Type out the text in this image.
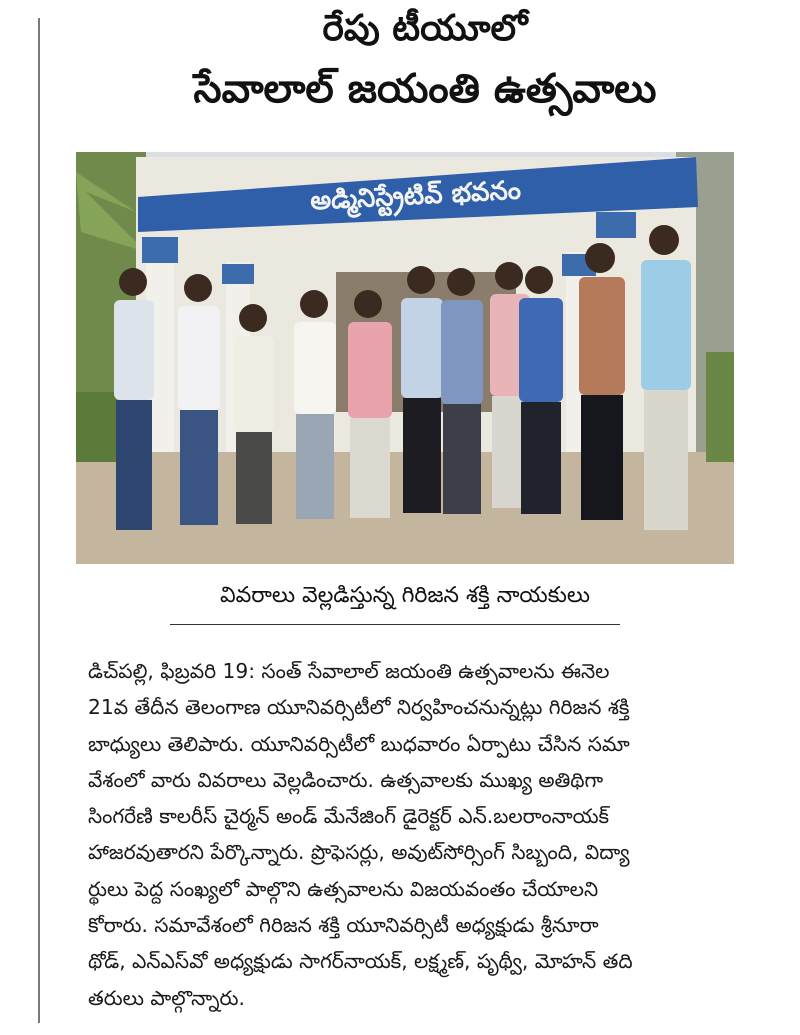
రేపు టీయూలో
సేవాలాల్ జయంతి ఉత్సవాలు
అడ్మినిస్ట్రేటివ్ భవనం
వివరాలు వెల్లడిస్తున్న గిరిజన శక్తి నాయకులు
డిచ్‌పల్లి, ఫిబ్రవరి 19: సంత్ సేవాలాల్ జయంతి ఉత్సవాలను ఈనెల
21వ తేదీన తెలంగాణ యూనివర్సిటీలో నిర్వహించనున్నట్లు గిరిజన శక్తి
బాధ్యులు తెలిపారు. యూనివర్సిటీలో బుధవారం ఏర్పాటు చేసిన సమా
వేశంలో వారు వివరాలు వెల్లడించారు. ఉత్సవాలకు ముఖ్య అతిథిగా
సింగరేణి కాలరీస్ చైర్మన్ అండ్ మేనేజింగ్ డైరెక్టర్ ఎన్.బలరాంనాయక్
హాజరవుతారని పేర్కొన్నారు. ప్రొఫెసర్లు, అవుట్‌సోర్సింగ్ సిబ్బంది, విద్యా
ర్థులు పెద్ద సంఖ్యలో పాల్గొని ఉత్సవాలను విజయవంతం చేయాలని
కోరారు. సమావేశంలో గిరిజన శక్తి యూనివర్సిటీ అధ్యక్షుడు శ్రీనూరా
థోడ్, ఎన్ఎస్‌వో అధ్యక్షుడు సాగర్‌నాయక్, లక్ష్మణ్, పృథ్వీ, మోహన్ తది
తరులు పాల్గొన్నారు.
